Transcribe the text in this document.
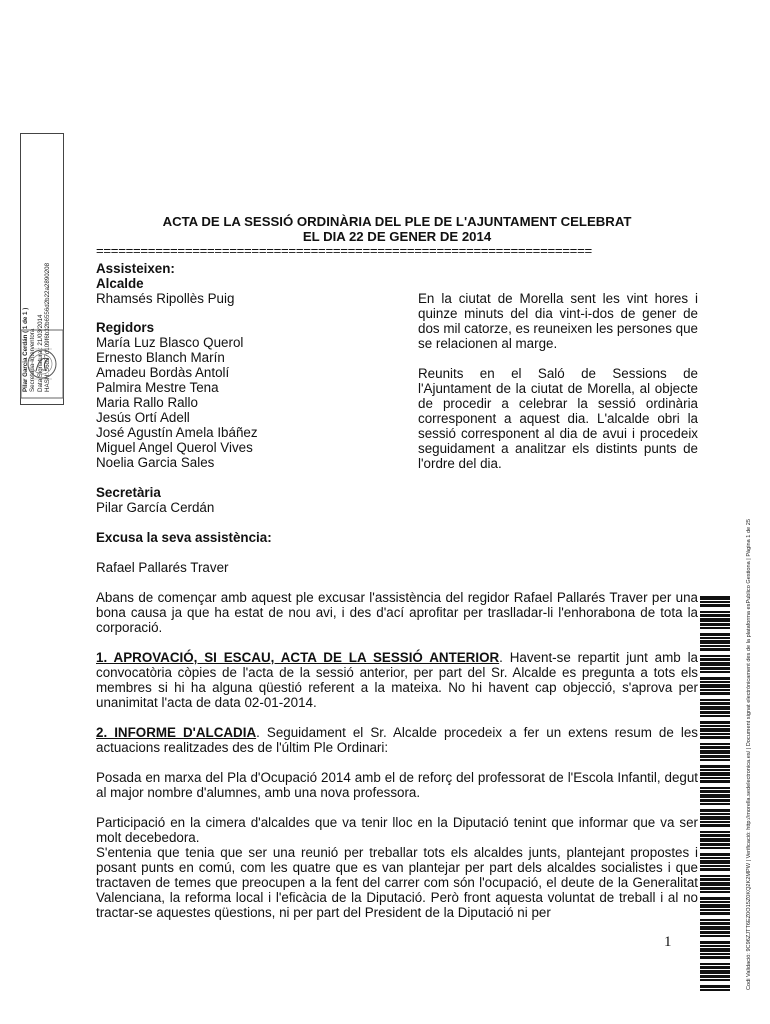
Pilar Garcia Cerdán ( 1 de 1 ) Secretaria-Interventora Data Signatura : 21/03/2014 HASH: 56d37d109f6b32b6556d2b22a2890208
ACTA DE LA SESSIÓ ORDINÀRIA DEL PLE DE L'AJUNTAMENT CELEBRAT
EL DIA 22 DE GENER DE 2014
===================================================================
Assisteixen:
Alcalde
Rhamsés Ripollès Puig
Regidors
María Luz Blasco Querol
Ernesto Blanch Marín
Amadeu Bordàs Antolí
Palmira Mestre Tena
Maria Rallo Rallo
Jesús Ortí Adell
José Agustín Amela Ibáñez
Miguel Angel Querol Vives
Noelia Garcia Sales
Secretària
Pilar García Cerdán
Excusa la seva assistència:
Rafael Pallarés Traver
En la ciutat de Morella sent les vint hores i quinze minuts del dia vint-i-dos de gener de dos mil catorze, es reuneixen les persones que se relacionen al marge.
Reunits en el Saló de Sessions de l'Ajuntament de la ciutat de Morella, al objecte de procedir a celebrar la sessió ordinària corresponent a aquest dia. L'alcalde obri la sessió corresponent al dia de avui i procedeix seguidament a analitzar els distints punts de l'ordre del dia.
Abans de començar amb aquest ple excusar l'assistència del regidor Rafael Pallarés Traver per una bona causa ja que ha estat de nou avi, i des d'ací aprofitar per traslladar-li l'enhorabona de tota la corporació.
1. APROVACIÓ, SI ESCAU, ACTA DE LA SESSIÓ ANTERIOR. Havent-se repartit junt amb la convocatòria còpies de l'acta de la sessió anterior, per part del Sr. Alcalde es pregunta a tots els membres si hi ha alguna qüestió referent a la mateixa. No hi havent cap objecció, s'aprova per unanimitat l'acta de data 02-01-2014.
2. INFORME D'ALCADIA. Seguidament el Sr. Alcalde procedeix a fer un extens resum de les actuacions realitzades des de l'últim Ple Ordinari:
Posada en marxa del Pla d'Ocupació 2014 amb el de reforç del professorat de l'Escola Infantil, degut al major nombre d'alumnes, amb una nova professora.
Participació en la cimera d'alcaldes que va tenir lloc en la Diputació tenint que informar que va ser molt decebedora.
S'entenia que tenia que ser una reunió per treballar tots els alcaldes junts, plantejant propostes i posant punts en comú, com les quatre que es van plantejar per part dels alcaldes socialistes i que tractaven de temes que preocupen a la fent del carrer com són l'ocupació, el deute de la Generalitat Valenciana, la reforma local i l'eficàcia de la Diputació. Però front aquesta voluntat de treball i al no tractar-se aquestes qüestions, ni per part del President de la Diputació ni per
1	Codi Validació: 9C96ZJTT6EZ0O15Z0KQ2K2MPW | Verificació: http://morella.sedelectronica.es/ | Document signat electrònicament des de la plataforma esPublico Gestiona | Pàgina 1 de 25
